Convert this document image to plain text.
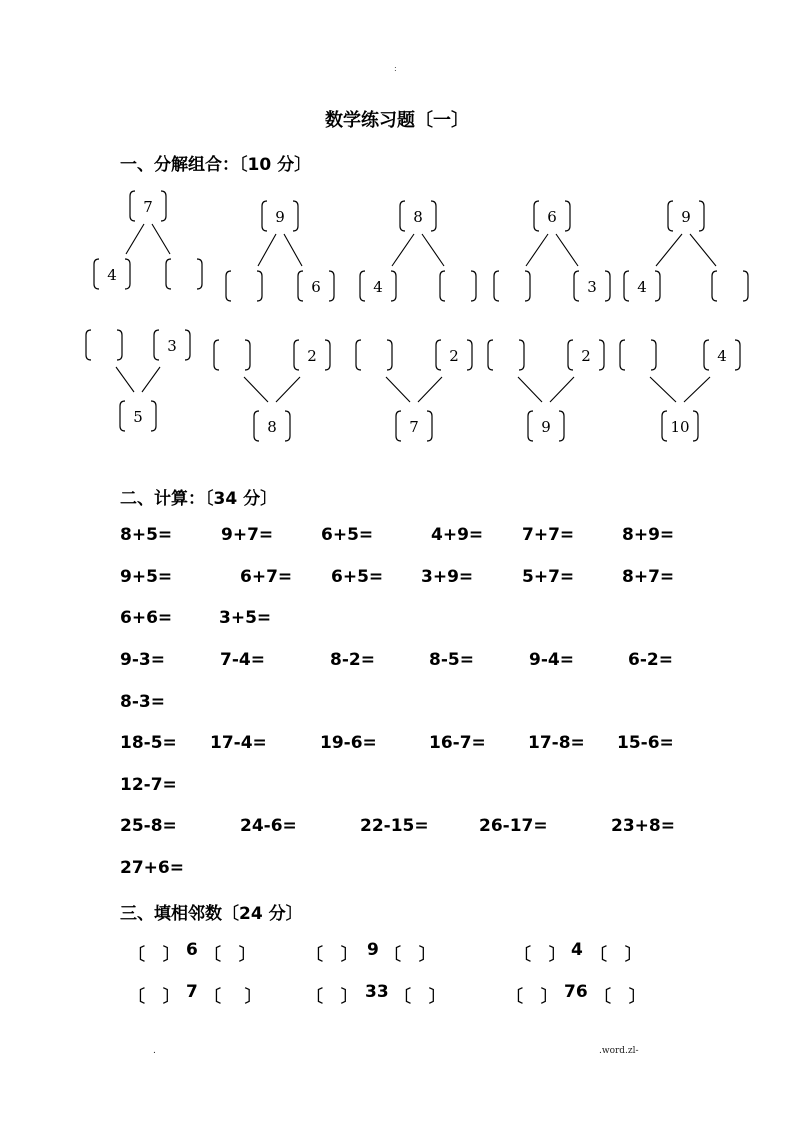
:
数学练习题〔一〕
一、分解组合：〔10 分〕
7
4
9
6
8
4
6
3
9
4
3
5
2
8
2
7
2
9
4
10
二、计算：〔34 分〕
8+5=	9+7=	6+5=	4+9= 7+7=	8+9=
9+5=	6+7= 6+5= 3+9=	5+7=	8+7=
6+6=	3+5=
9-3=	7-4=	8-2=	8-5=	9-4=	6-2=
8-3=
18-5= 17-4=	19-6=	16-7= 17-8= 15-6=
12-7=
25-8=	24-6=	22-15=	26-17=	23+8=
27+6=
三、填相邻数〔24 分〕
〔   〕 6 〔   〕	〔   〕 9 〔   〕	〔   〕 4 〔   〕
〔   〕 7 〔    〕	〔   〕 33 〔   〕	〔   〕 76 〔   〕
.	.word.zl-
